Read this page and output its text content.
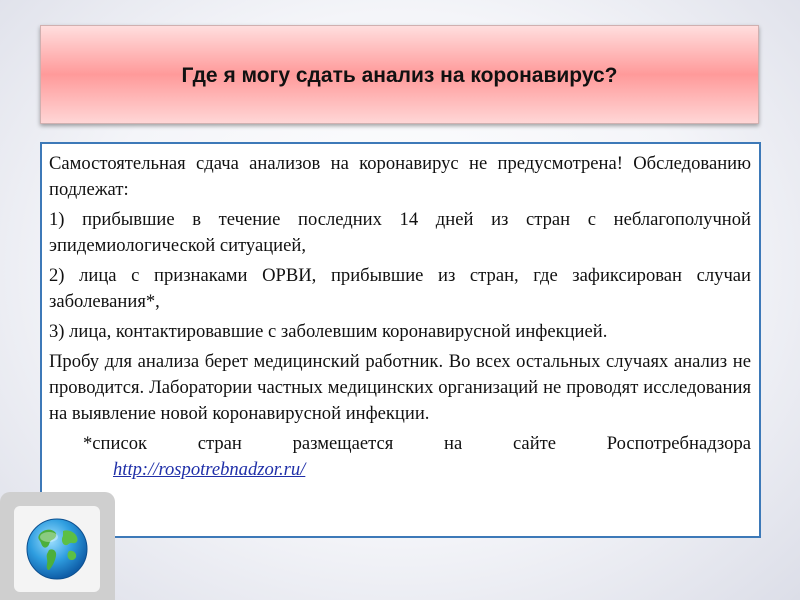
Где я могу сдать анализ на коронавирус?

Самостоятельная сдача анализов на коронавирус не предусмотрена! Обследованию подлежат:

1) прибывшие в течение последних 14 дней из стран с неблагополучной эпидемиологической ситуацией,

2) лица с признаками ОРВИ, прибывшие из стран, где зафиксирован случаи заболевания*,

3) лица, контактировавшие с заболевшим коронавирусной инфекцией.

Пробу для анализа берет медицинский работник. Во всех остальных случаях анализ не проводится. Лаборатории частных медицинских организаций не проводят исследования на выявление новой коронавирусной инфекции.

*список стран размещается на сайте Роспотребнадзора
http://rospotrebnadzor.ru/
